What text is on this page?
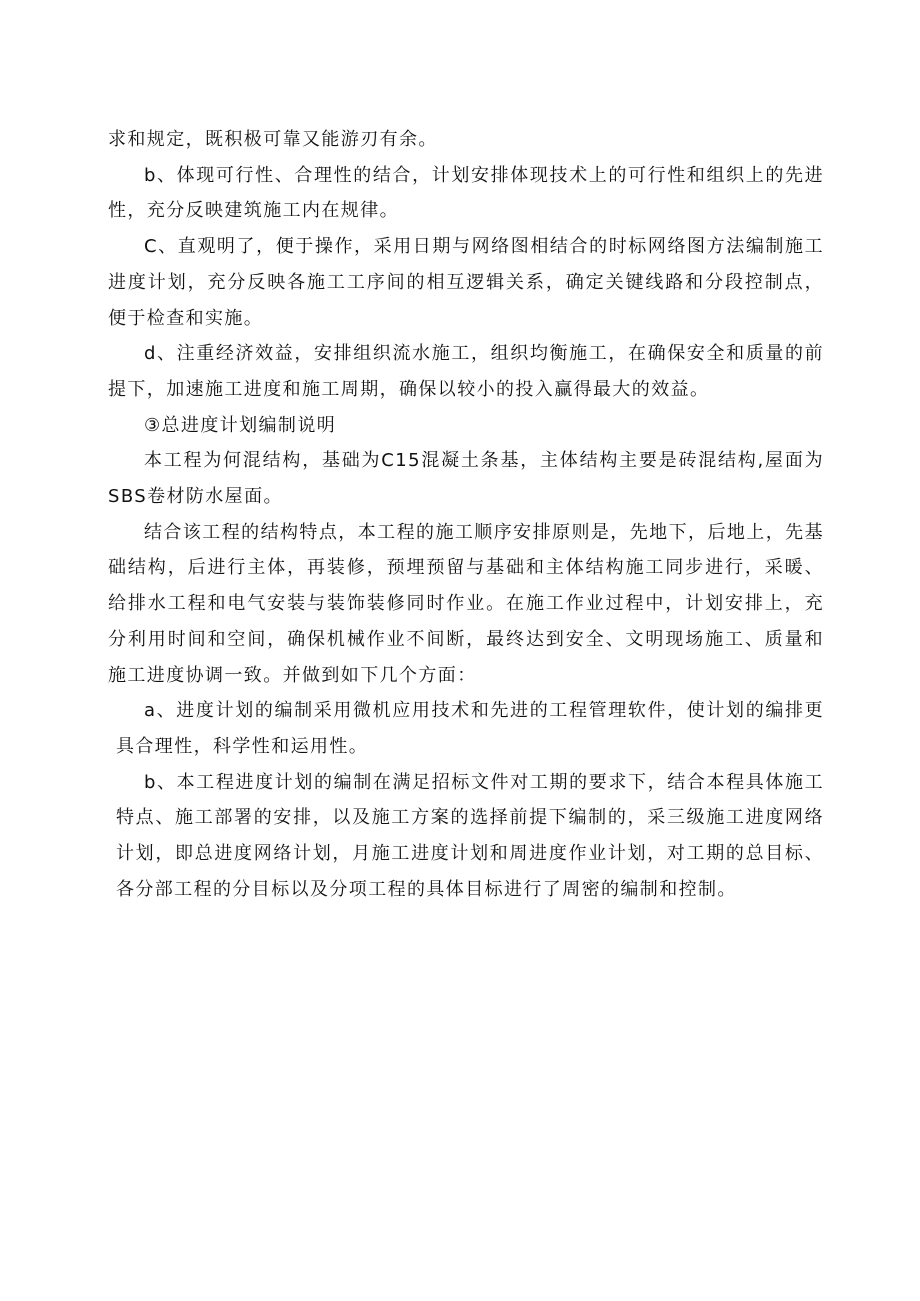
求和规定，既积极可靠又能游刃有余。

b、体现可行性、合理性的结合，计划安排体现技术上的可行性和组织上的先进性，充分反映建筑施工内在规律。

C、直观明了，便于操作，采用日期与网络图相结合的时标网络图方法编制施工进度计划，充分反映各施工工序间的相互逻辑关系，确定关键线路和分段控制点，便于检查和实施。

d、注重经济效益，安排组织流水施工，组织均衡施工，在确保安全和质量的前提下，加速施工进度和施工周期，确保以较小的投入赢得最大的效益。

③总进度计划编制说明

本工程为何混结构，基础为C15混凝土条基，主体结构主要是砖混结构,屋面为SBS卷材防水屋面。

结合该工程的结构特点，本工程的施工顺序安排原则是，先地下，后地上，先基础结构，后进行主体，再装修，预埋预留与基础和主体结构施工同步进行，采暖、给排水工程和电气安装与装饰装修同时作业。在施工作业过程中，计划安排上，充分利用时间和空间，确保机械作业不间断，最终达到安全、文明现场施工、质量和施工进度协调一致。并做到如下几个方面：

a、进度计划的编制采用微机应用技术和先进的工程管理软件，使计划的编排更具合理性，科学性和运用性。

b、本工程进度计划的编制在满足招标文件对工期的要求下，结合本程具体施工特点、施工部署的安排，以及施工方案的选择前提下编制的，采三级施工进度网络计划，即总进度网络计划，月施工进度计划和周进度作业计划，对工期的总目标、各分部工程的分目标以及分项工程的具体目标进行了周密的编制和控制。
